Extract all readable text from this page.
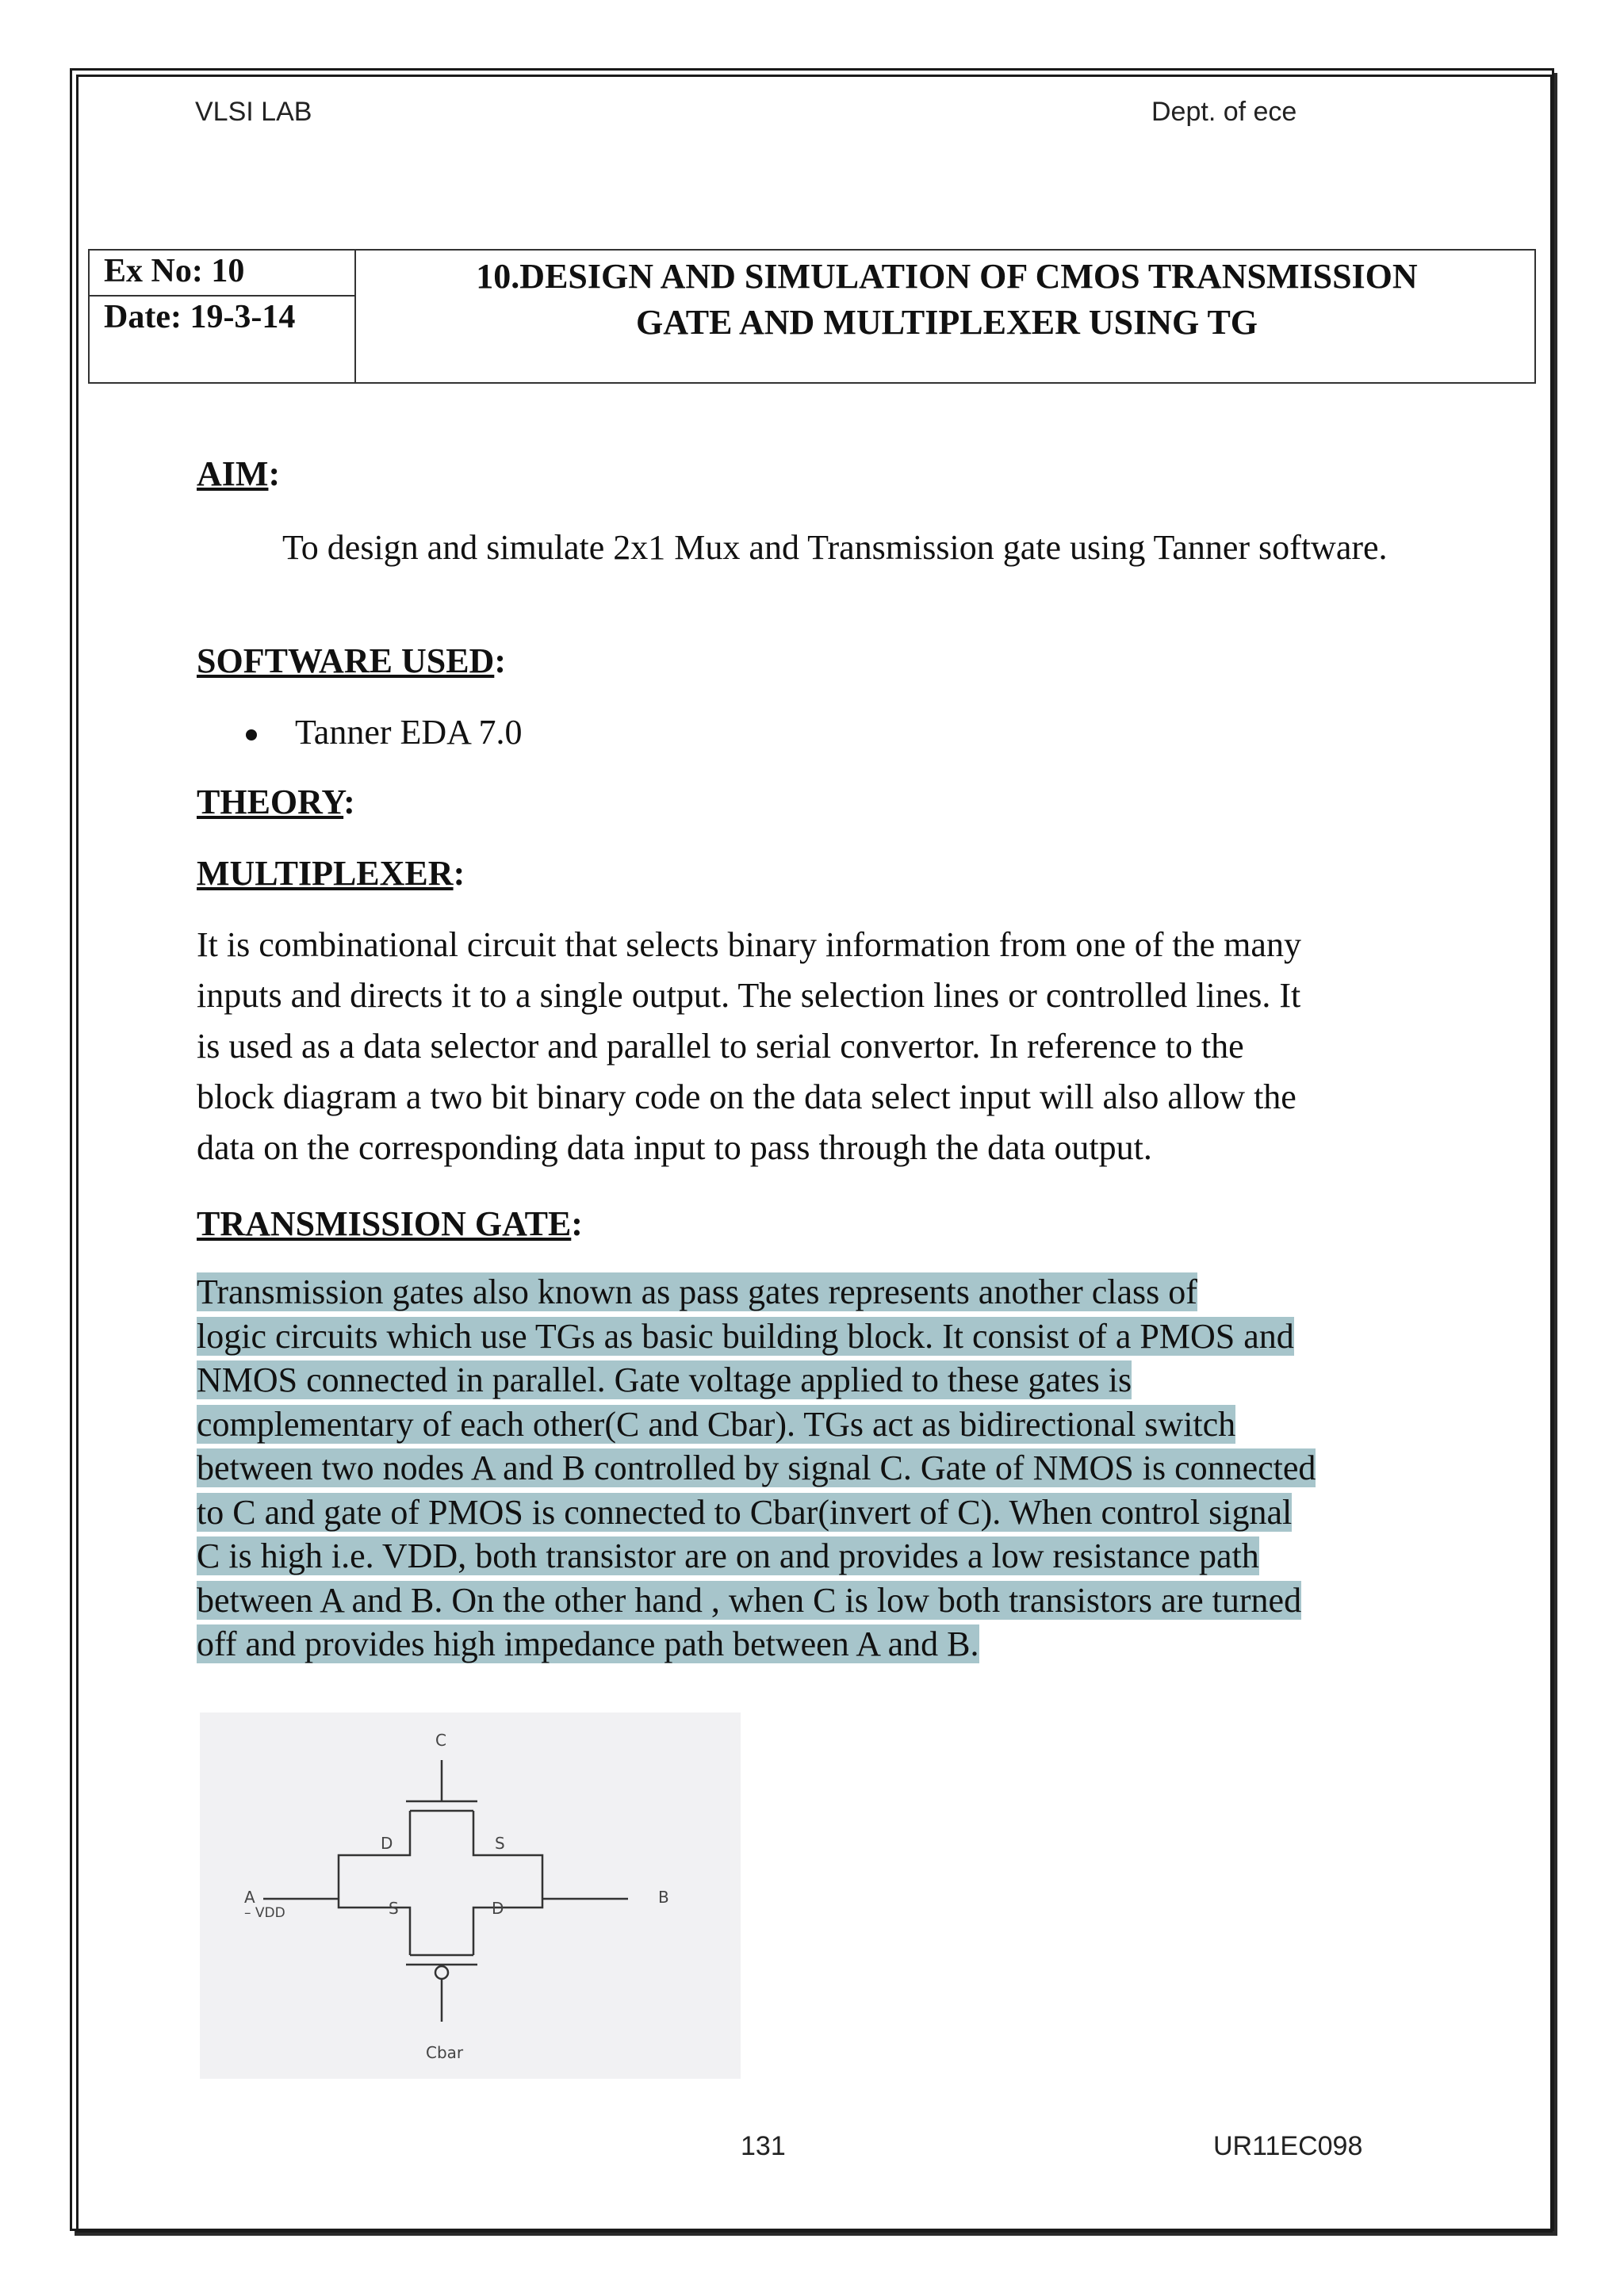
VLSI LAB	Dept. of ece
Ex No: 10
Date: 19-3-14
10.DESIGN AND SIMULATION OF CMOS TRANSMISSION
GATE AND MULTIPLEXER USING TG
AIM:
To design and simulate 2x1 Mux and Transmission gate using Tanner software.
SOFTWARE USED:
Tanner EDA 7.0
THEORY:
MULTIPLEXER:
It is combinational circuit that selects binary information from one of the many
inputs and directs it to a single output. The selection lines or controlled lines. It
is used as a data selector and parallel to serial convertor. In reference to the
block diagram a two bit binary code on the data select input will also allow the
data on the corresponding data input to pass through the data output.
TRANSMISSION GATE:
Transmission gates also known as pass gates represents another class of
logic circuits which use TGs as basic building block. It consist of a PMOS and
NMOS connected in parallel. Gate voltage applied to these gates is
complementary of each other(C and Cbar). TGs act as bidirectional switch
between two nodes A and B controlled by signal C. Gate of NMOS is connected
to C and gate of PMOS is connected to Cbar(invert of C). When control signal
C is high i.e. VDD, both transistor are on and provides a low resistance path
between A and B. On the other hand , when C is low both transistors are turned
off and provides high impedance path between A and B.
C
D	S
A
– VDD	S	D
B
Cbar
131	UR11EC098
